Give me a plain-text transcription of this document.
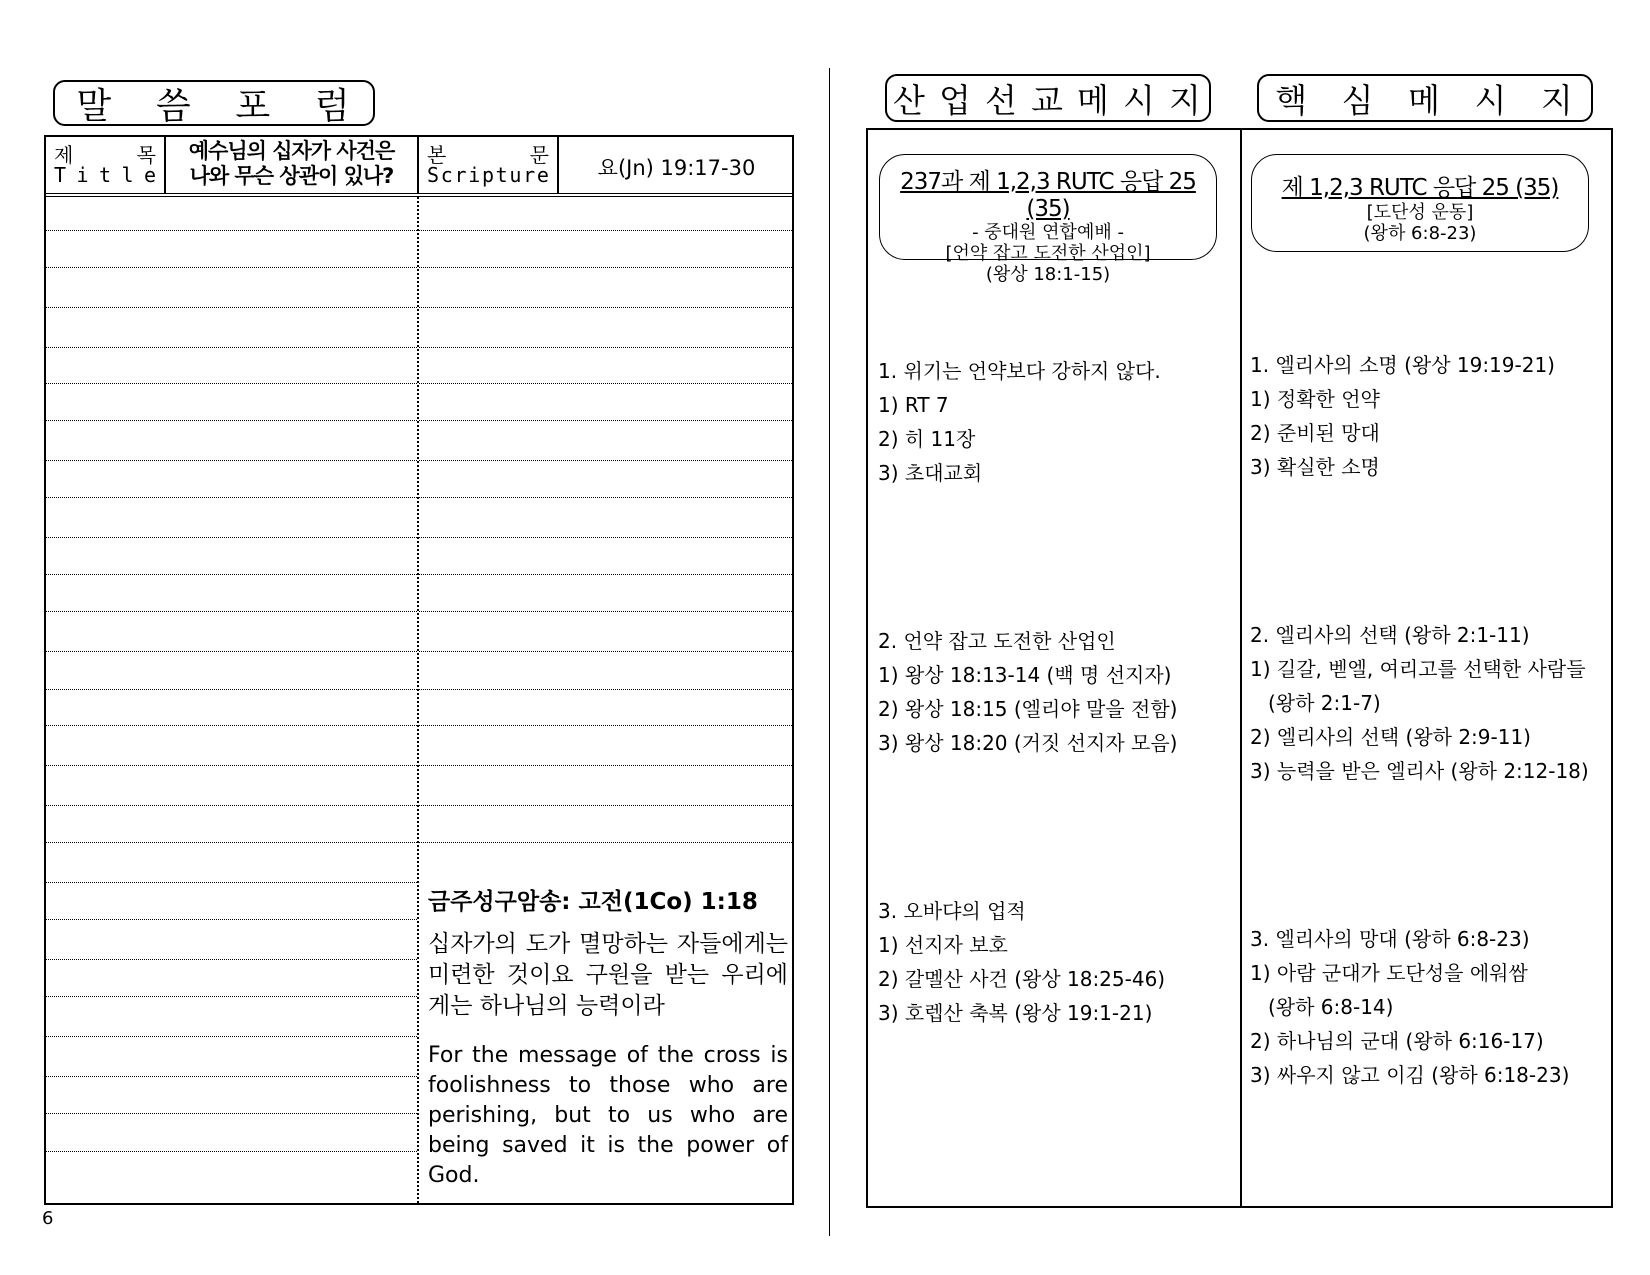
말	씀	포	럼
제	목
T i t l e
예수님의 십자가 사건은
나와 무슨 상관이 있나?
본	문
S c r i p t u r e	요(Jn) 19:17-30
금주성구암송: 고전(1Co) 1:18
십자가의 도가 멸망하는 자들에게는 미련한 것이요 구원을 받는 우리에게는 하나님의 능력이라
For the message of the cross is foolishness to those who are perishing, but to us who are being saved it is the power of God.
6
산 업 선 교 메 시 지	핵 심 메 시 지
237과 제 1,2,3 RUTC 응답 25 (35)
- 중대원 연합예배 -
[언약 잡고 도전한 산업인]
(왕상 18:1-15)
1. 위기는 언약보다 강하지 않다.
1) RT 7
2) 히 11장
3) 초대교회
2. 언약 잡고 도전한 산업인
1) 왕상 18:13-14 (백 명 선지자)
2) 왕상 18:15 (엘리야 말을 전함)
3) 왕상 18:20 (거짓 선지자 모음)
3. 오바댜의 업적
1) 선지자 보호
2) 갈멜산 사건 (왕상 18:25-46)
3) 호렙산 축복 (왕상 19:1-21)
제 1,2,3 RUTC 응답 25 (35)
[도단성 운동]
(왕하 6:8-23)
1. 엘리사의 소명 (왕상 19:19-21)
1) 정확한 언약
2) 준비된 망대
3) 확실한 소명
2. 엘리사의 선택 (왕하 2:1-11)
1) 길갈, 벧엘, 여리고를 선택한 사람들
(왕하 2:1-7)
2) 엘리사의 선택 (왕하 2:9-11)
3) 능력을 받은 엘리사 (왕하 2:12-18)
3. 엘리사의 망대 (왕하 6:8-23)
1) 아람 군대가 도단성을 에워쌈
(왕하 6:8-14)
2) 하나님의 군대 (왕하 6:16-17)
3) 싸우지 않고 이김 (왕하 6:18-23)
